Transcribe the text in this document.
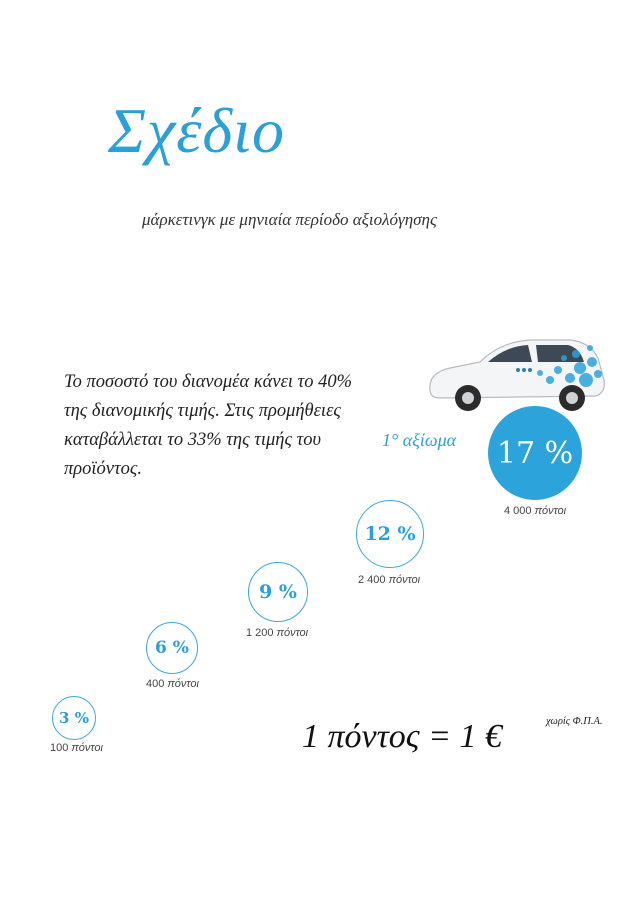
Σχέδιο
μάρκετινγκ με μηνιαία περίοδο αξιολόγησης
Το ποσοστό του διανομέα κάνει το 40% της διανομικής τιμής. Στις προμήθειες καταβάλλεται το 33% της τιμής του προϊόντος.
1° αξίωμα
3 %
100 πόντοι
6 %
400 πόντοι
9 %
1 200 πόντοι
12 %
2 400 πόντοι
17 %
4 000 πόντοι
1 πόντος = 1 €	χωρίς Φ.Π.Α.
